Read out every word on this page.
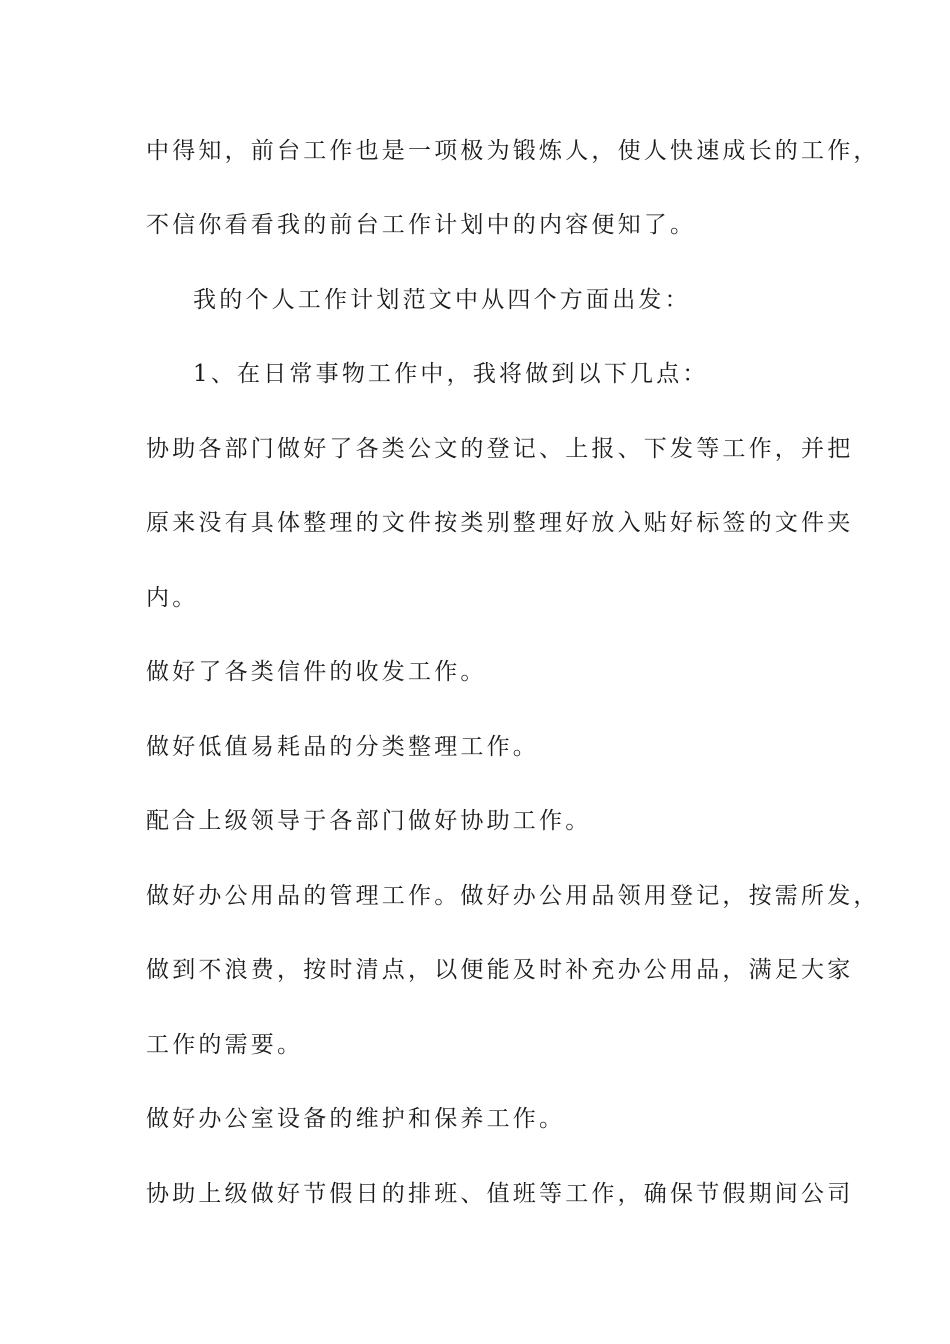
中得知，前台工作也是一项极为锻炼人，使人快速成长的工作，
不信你看看我的前台工作计划中的内容便知了。
我的个人工作计划范文中从四个方面出发：
1、在日常事物工作中，我将做到以下几点：
协助各部门做好了各类公文的登记、上报、下发等工作，并把
原来没有具体整理的文件按类别整理好放入贴好标签的文件夹
内。
做好了各类信件的收发工作。
做好低值易耗品的分类整理工作。
配合上级领导于各部门做好协助工作。
做好办公用品的管理工作。做好办公用品领用登记，按需所发，
做到不浪费，按时清点，以便能及时补充办公用品，满足大家
工作的需要。
做好办公室设备的维护和保养工作。
协助上级做好节假日的排班、值班等工作，确保节假期间公司
